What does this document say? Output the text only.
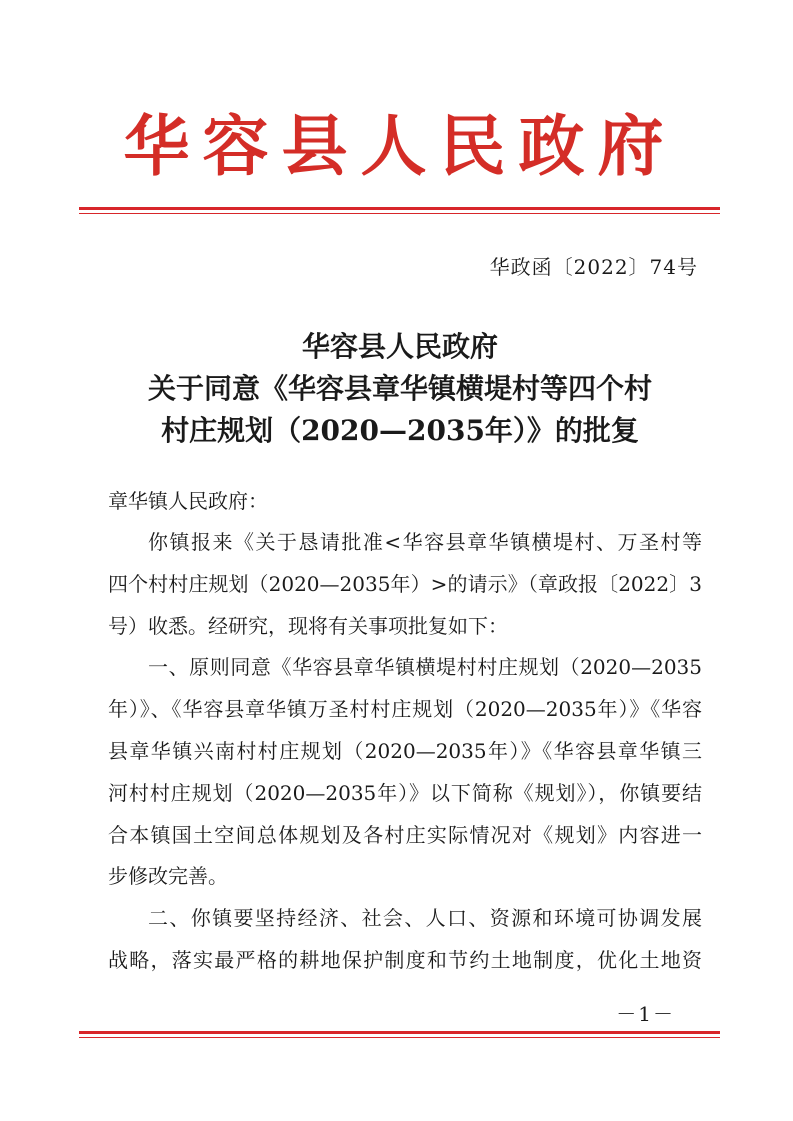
华容县人民政府
华政函〔2022〕74号
华容县人民政府
关于同意《华容县章华镇横堤村等四个村
村庄规划（2020—2035年）》的批复
章华镇人民政府：
你镇报来《关于恳请批准<华容县章华镇横堤村、万圣村等
四个村村庄规划（2020—2035年）>的请示》（章政报〔2022〕3
号）收悉。经研究，现将有关事项批复如下：
一、原则同意《华容县章华镇横堤村村庄规划（2020—2035
年）》、《华容县章华镇万圣村村庄规划（2020—2035年）》《华容
县章华镇兴南村村庄规划（2020—2035年）》《华容县章华镇三
河村村庄规划（2020—2035年）》以下简称《规划》），你镇要结
合本镇国土空间总体规划及各村庄实际情况对《规划》内容进一
步修改完善。
二、你镇要坚持经济、社会、人口、资源和环境可协调发展
战略，落实最严格的耕地保护制度和节约土地制度，优化土地资
－1－
